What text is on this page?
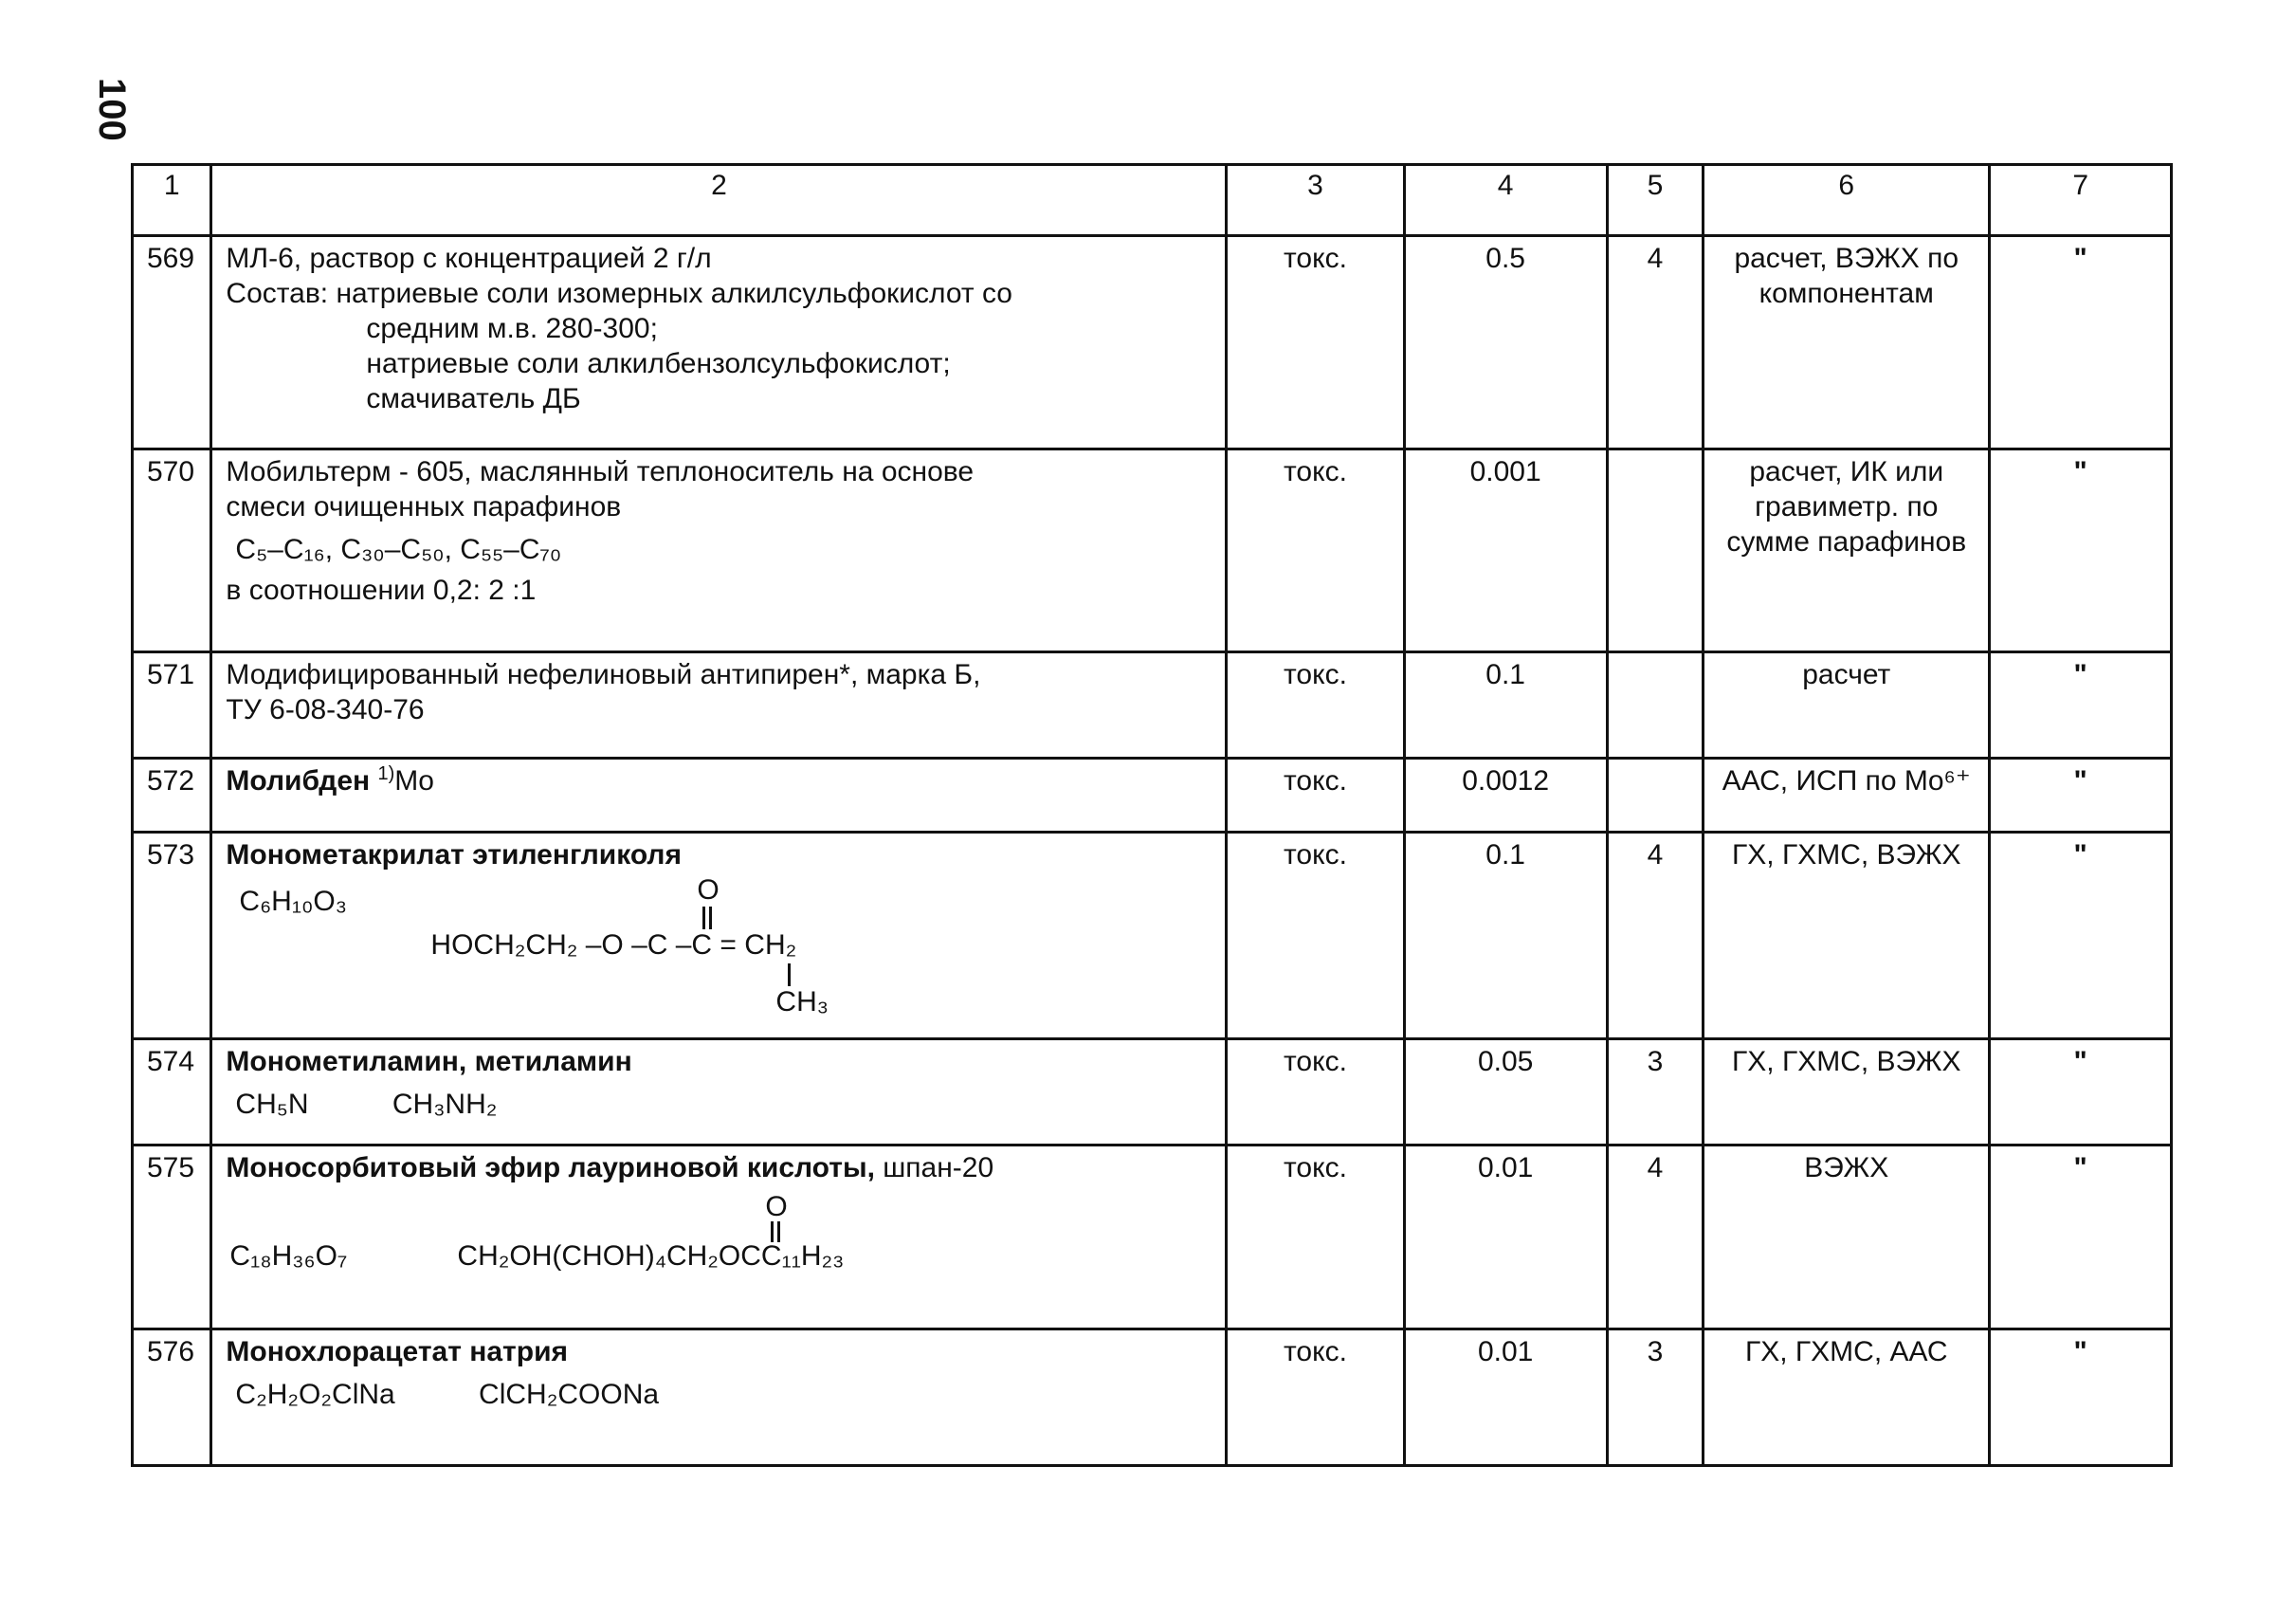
100
1	2	3	4	5	6	7
569	МЛ-6, раствор с концентрацией 2 г/л
Состав: натриевые соли изомерных алкилсульфокислот со
средним м.в. 280-300;
натриевые соли алкилбензолсульфокислот;
смачиватель ДБ	токс.	0.5	4	расчет, ВЭЖХ по компонентам	"
570	Мобильтерм - 605, маслянный теплоноситель на основе
смеси очищенных парафинов
C₅–C₁₆, C₃₀–C₅₀, C₅₅–C₇₀
в соотношении 0,2: 2 :1	токс.	0.001		расчет, ИК или гравиметр. по сумме парафинов	"
571	Модифицированный нефелиновый антипирен*, марка Б,
ТУ 6-08-340-76	токс.	0.1		расчет	"
572	Молибден $^{1)}$Mo	токс.	0.0012		ААС, ИСП по Mo⁶⁺	"
573	Монометакрилат этиленгликоля
C₆H₁₀O₃ O
HOCH₂CH₂ –O –C –C = CH₂
CH₃	токс.	0.1	4	ГХ, ГХМС, ВЭЖХ	"
574	Монометиламин, метиламин
CH₅N CH₃NH₂	токс.	0.05	3	ГХ, ГХМС, ВЭЖХ	"
575	Моносорбитовый эфир лауриновой кислоты, шпан-20
C₁₈H₃₆O₇
O
CH₂OH(CHOH)₄CH₂OCC₁₁H₂₃	токс.	0.01	4	ВЭЖХ	"
576	Монохлорацетат натрия
C₂H₂O₂ClNa ClCH₂COONa	токс.	0.01	3	ГХ, ГХМС, ААС	"
